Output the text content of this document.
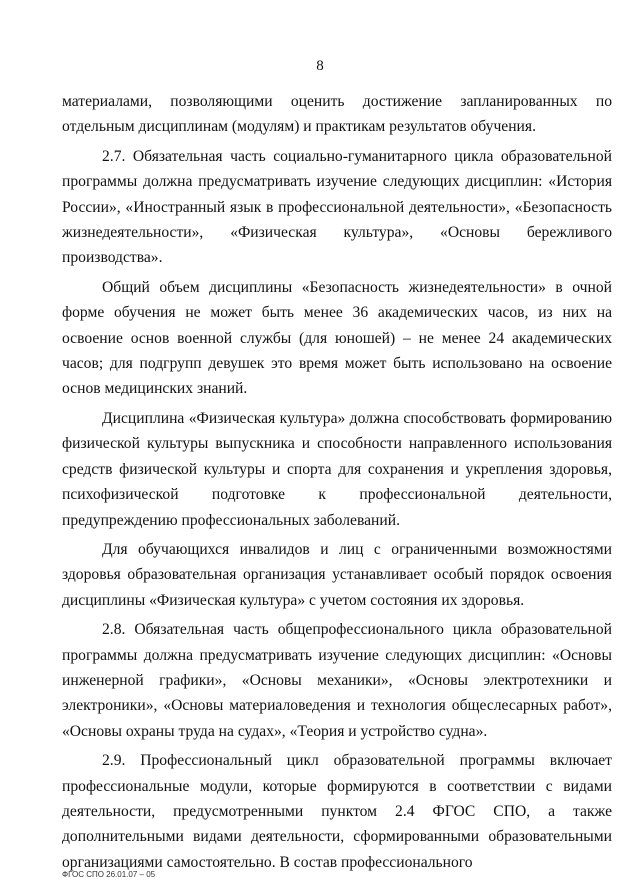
8

материалами, позволяющими оценить достижение запланированных по отдельным дисциплинам (модулям) и практикам результатов обучения.

2.7. Обязательная часть социально-гуманитарного цикла образовательной программы должна предусматривать изучение следующих дисциплин: «История России», «Иностранный язык в профессиональной деятельности», «Безопасность жизнедеятельности», «Физическая культура», «Основы бережливого производства».

Общий объем дисциплины «Безопасность жизнедеятельности» в очной форме обучения не может быть менее 36 академических часов, из них на освоение основ военной службы (для юношей) – не менее 24 академических часов; для подгрупп девушек это время может быть использовано на освоение основ медицинских знаний.

Дисциплина «Физическая культура» должна способствовать формированию физической культуры выпускника и способности направленного использования средств физической культуры и спорта для сохранения и укрепления здоровья, психофизической подготовке к профессиональной деятельности, предупреждению профессиональных заболеваний.

Для обучающихся инвалидов и лиц с ограниченными возможностями здоровья образовательная организация устанавливает особый порядок освоения дисциплины «Физическая культура» с учетом состояния их здоровья.

2.8. Обязательная часть общепрофессионального цикла образовательной программы должна предусматривать изучение следующих дисциплин: «Основы инженерной графики», «Основы механики», «Основы электротехники и электроники», «Основы материаловедения и технология общеслесарных работ», «Основы охраны труда на судах», «Теория и устройство судна».

2.9. Профессиональный цикл образовательной программы включает профессиональные модули, которые формируются в соответствии с видами деятельности, предусмотренными пунктом 2.4 ФГОС СПО, а также дополнительными видами деятельности, сформированными образовательными организациями самостоятельно. В состав профессионального

ФГОС СПО 26.01.07 – 05
